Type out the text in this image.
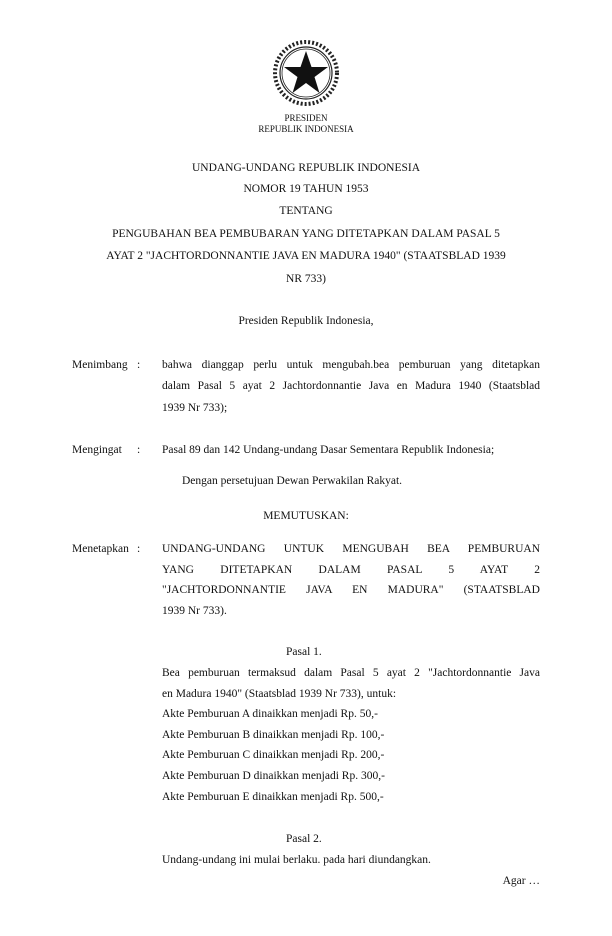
PRESIDEN
REPUBLIK INDONESIA
UNDANG-UNDANG REPUBLIK INDONESIA
NOMOR 19 TAHUN 1953
TENTANG
PENGUBAHAN BEA PEMBUBARAN YANG DITETAPKAN DALAM PASAL 5
AYAT 2 "JACHTORDONNANTIE JAVA EN MADURA 1940" (STAATSBLAD 1939
NR 733)
Presiden Republik Indonesia,
Menimbang : bahwa dianggap perlu untuk mengubah.bea pemburuan yang ditetapkan
dalam Pasal 5 ayat 2 Jachtordonnantie Java en Madura 1940 (Staatsblad
1939 Nr 733);
Mengingat : Pasal 89 dan 142 Undang-undang Dasar Sementara Republik Indonesia;
Dengan persetujuan Dewan Perwakilan Rakyat.
MEMUTUSKAN:
Menetapkan : UNDANG-UNDANG UNTUK MENGUBAH BEA PEMBURUAN
YANG DITETAPKAN DALAM PASAL 5 AYAT 2
"JACHTORDONNANTIE JAVA EN MADURA" (STAATSBLAD
1939 Nr 733).
Pasal 1.
Bea pemburuan termaksud dalam Pasal 5 ayat 2 "Jachtordonnantie Java
en Madura 1940" (Staatsblad 1939 Nr 733), untuk:
Akte Pemburuan A dinaikkan menjadi Rp. 50,-
Akte Pemburuan B dinaikkan menjadi Rp. 100,-
Akte Pemburuan C dinaikkan menjadi Rp. 200,-
Akte Pemburuan D dinaikkan menjadi Rp. 300,-
Akte Pemburuan E dinaikkan menjadi Rp. 500,-
Pasal 2.
Undang-undang ini mulai berlaku. pada hari diundangkan.
Agar …
